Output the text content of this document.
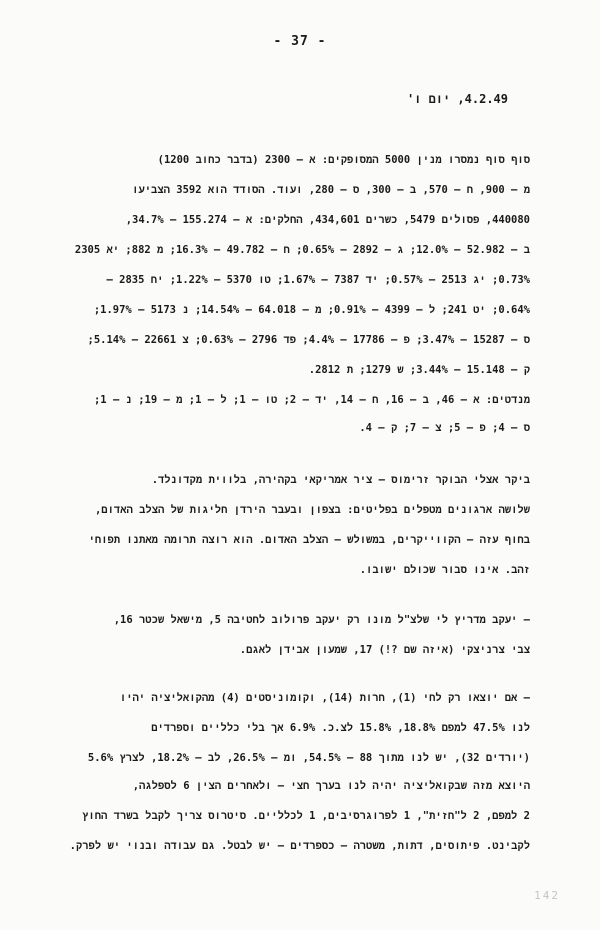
- 37 -
4.2.49, יום ו'
סוף סוף נמסרו מנין 5000 המסופקים: א – 2300 (בדבר כחוב 1200)
מ – 900, ח – 570, ב – 300, ס – 280, ועוד. הסודד הוא 3592 הצביעו
440080, פסולים 5479, כשרים 434,601, החלקים: א – 155.274 – 34.7%,
ב – 52.982 – 12.0%; ג – 2892 – 0.65%; ח – 49.782 – 16.3%; מ 882; יא 2305
0.73%; יג 2513 – 0.57%; יד 7387 – 1.67%; טו 5370 – 1.22%; יח 2835 –
0.64%; יט 241; ל – 4399 – 0.91%; מ – 64.018 – 14.54%; נ 5173 – 1.97%;
ס – 15287 – 3.47%; פ – 17786 – 4.4%; פד 2796 – 0.63%; צ 22661 – 5.14%;
ק – 15.148 – 3.44%; ש 1279; ת 2812.
מנדטים: א – 46, ב – 16, ח – 14, יד – 2; טו – 1; ל – 1; מ – 19; נ – 1;
ס – 4; פ – 5; צ – 7; ק – 4.
ביקר אצלי הבוקר זרימוס – ציר אמריקאי בקהירה, בלווית מקדונלד.
שלושה ארגונים מטפלים בפליטים: בצפון ובעבר הירדן חליגות של הצלב האדום,
בחוף עזה – הקווייקרים, במשולש – הצלב האדום. הוא רוצה תרומה מאתנו תפוחי
זהב. אינו סבור שכולם ישובו.
– יעקב מדריץ לי שלצ"ל מונו רק יעקב פרולוב לחטיבה 5, מישאל שכטר 16,
צבי צרניצקי (איזה שם ?!) 17, שמעון אבידן לאגם.
– אם יוצאו רק לחי (1), חרות (14), וקומוניסטים (4) מהקואליציה יהיו
לנו 47.5% למפם 18.8%, 15.8% לצ.כ. 6.9% אך בלי כלליים וספרדים
(יורדים 32), יש לנו מתוך 88 – 54.5%, ומ – 26.5%, לב – 18.2%, לצרץ 5.6%
היוצא מזה שבקואליציה יהיה לנו בערך חצי – ולאחרים הצין 6 לספלגה,
2 למפם, 2 ל"חזית", 1 לפרוגרסיבים, 1 לכלליים. סיטרוס צריך לקבל בשרד החוץ
לקבינט. פיתוסים, דתות, משטרה – כספרדים – יש לבטל. גם עבודה ובנוי יש לפרק.
142
